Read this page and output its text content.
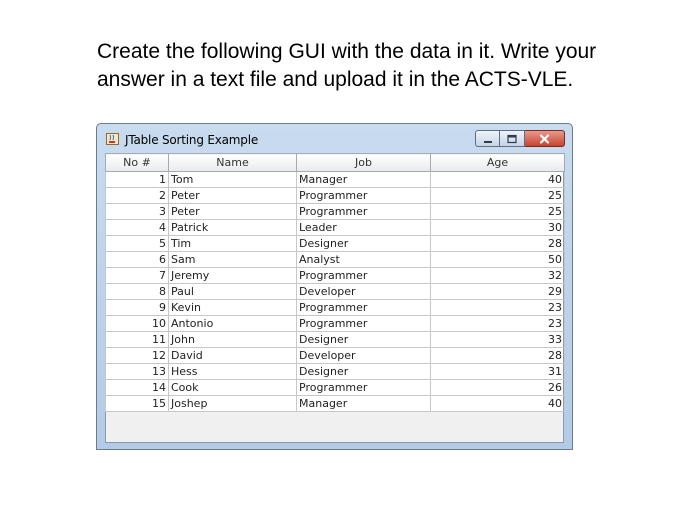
Create the following GUI with the data in it. Write your
answer in a text file and upload it in the ACTS-VLE.
JTable Sorting Example
No #	Name	Job	Age
1	Tom	Manager	40
2	Peter	Programmer	25
3	Peter	Programmer	25
4	Patrick	Leader	30
5	Tim	Designer	28
6	Sam	Analyst	50
7	Jeremy	Programmer	32
8	Paul	Developer	29
9	Kevin	Programmer	23
10	Antonio	Programmer	23
11	John	Designer	33
12	David	Developer	28
13	Hess	Designer	31
14	Cook	Programmer	26
15	Joshep	Manager	40
